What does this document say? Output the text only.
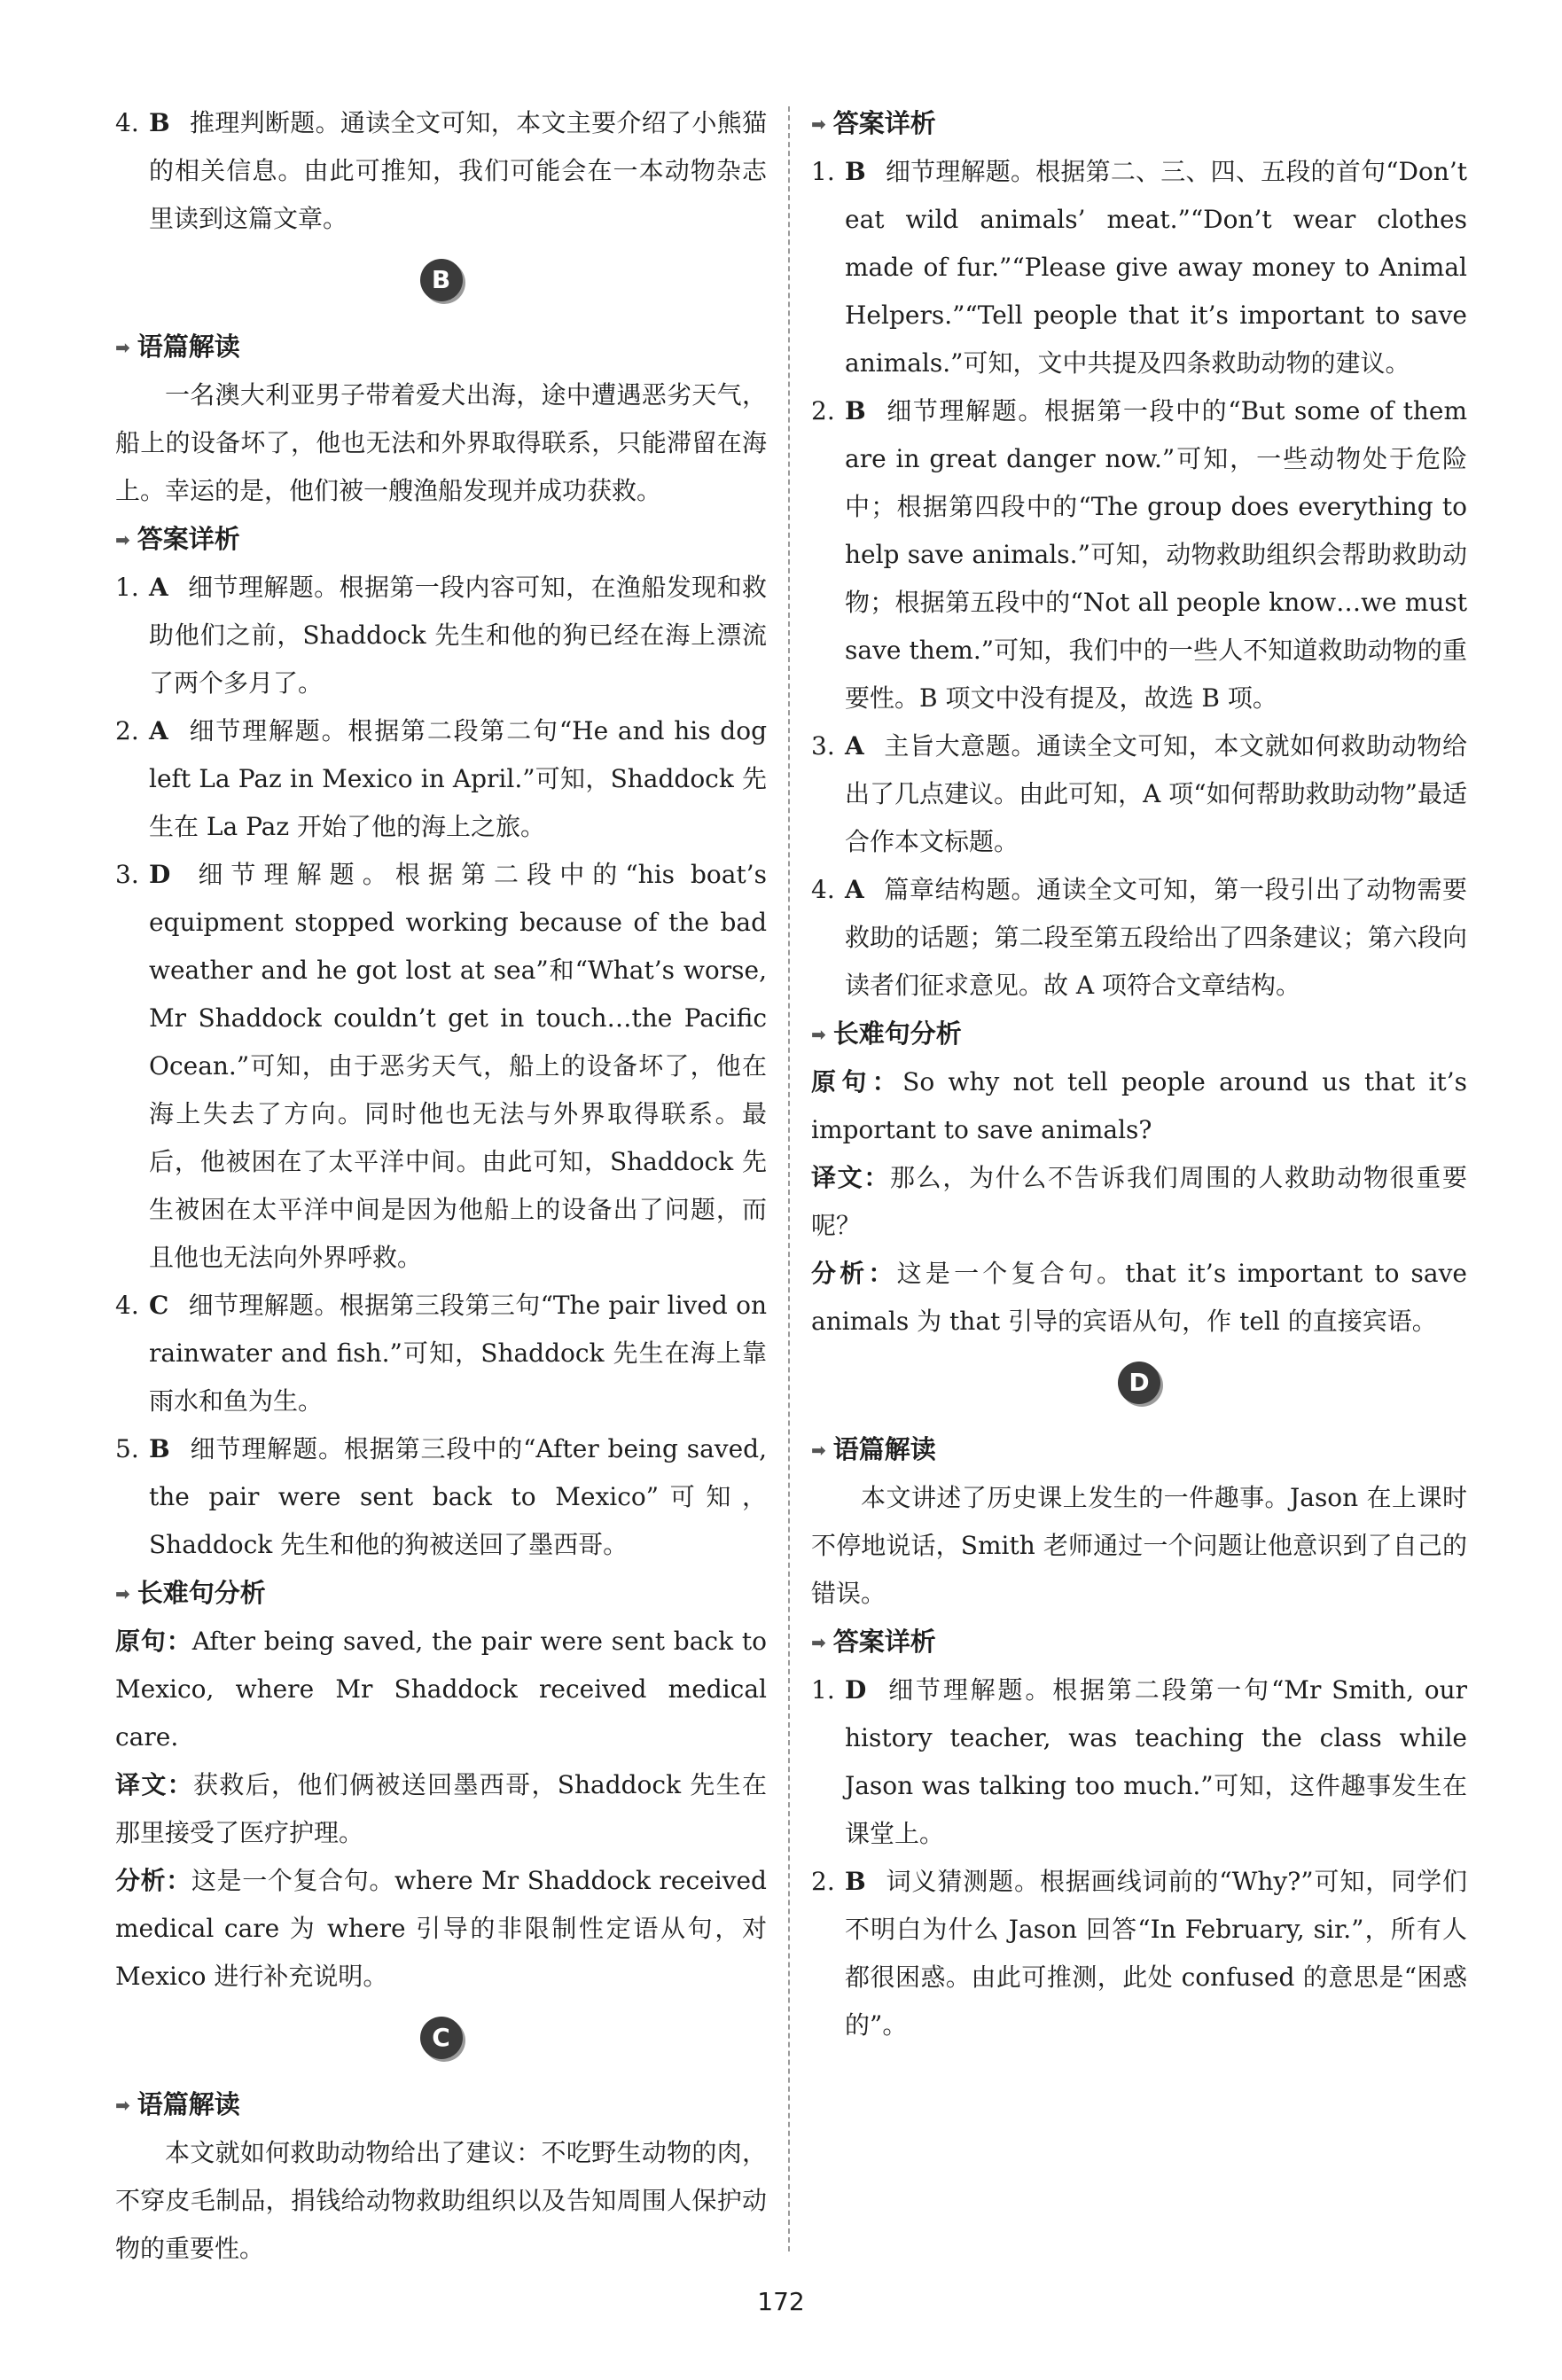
4. B 推理判断题。通读全文可知，本文主要介绍了小熊猫的相关信息。由此可推知，我们可能会在一本动物杂志里读到这篇文章。
B
➡ 语篇解读

一名澳大利亚男子带着爱犬出海，途中遭遇恶劣天气，船上的设备坏了，他也无法和外界取得联系，只能滞留在海上。幸运的是，他们被一艘渔船发现并成功获救。

➡ 答案详析
1. A 细节理解题。根据第一段内容可知，在渔船发现和救助他们之前，Shaddock 先生和他的狗已经在海上漂流了两个多月了。
2. A 细节理解题。根据第二段第二句“He and his dog left La Paz in Mexico in April.”可知，Shaddock 先生在 La Paz 开始了他的海上之旅。
3. D 细节理解题。根据第二段中的“his boat’s equipment stopped working because of the bad weather and he got lost at sea”和“What’s worse, Mr Shaddock couldn’t get in touch…the Pacific Ocean.”可知，由于恶劣天气，船上的设备坏了，他在海上失去了方向。同时他也无法与外界取得联系。最后，他被困在了太平洋中间。由此可知，Shaddock 先生被困在太平洋中间是因为他船上的设备出了问题，而且他也无法向外界呼救。
4. C 细节理解题。根据第三段第三句“The pair lived on rainwater and fish.”可知，Shaddock 先生在海上靠雨水和鱼为生。
5. B 细节理解题。根据第三段中的“After being saved, the pair were sent back to Mexico”可知，Shaddock 先生和他的狗被送回了墨西哥。
➡ 长难句分析

原句：After being saved, the pair were sent back to Mexico, where Mr Shaddock received medical care.

译文：获救后，他们俩被送回墨西哥，Shaddock 先生在那里接受了医疗护理。

分析：这是一个复合句。where Mr Shaddock received medical care 为 where 引导的非限制性定语从句，对 Mexico 进行补充说明。

C
➡ 语篇解读

本文就如何救助动物给出了建议：不吃野生动物的肉，不穿皮毛制品，捐钱给动物救助组织以及告知周围人保护动物的重要性。

➡ 答案详析
1. B 细节理解题。根据第二、三、四、五段的首句“Don’t eat wild animals’ meat.”“Don’t wear clothes made of fur.”“Please give away money to Animal Helpers.”“Tell people that it’s important to save animals.”可知，文中共提及四条救助动物的建议。
2. B 细节理解题。根据第一段中的“But some of them are in great danger now.”可知，一些动物处于危险中；根据第四段中的“The group does everything to help save animals.”可知，动物救助组织会帮助救助动物；根据第五段中的“Not all people know…we must save them.”可知，我们中的一些人不知道救助动物的重要性。B 项文中没有提及，故选 B 项。
3. A 主旨大意题。通读全文可知，本文就如何救助动物给出了几点建议。由此可知，A 项“如何帮助救助动物”最适合作本文标题。
4. A 篇章结构题。通读全文可知，第一段引出了动物需要救助的话题；第二段至第五段给出了四条建议；第六段向读者们征求意见。故 A 项符合文章结构。
➡ 长难句分析

原句：So why not tell people around us that it’s important to save animals?

译文：那么，为什么不告诉我们周围的人救助动物很重要呢？

分析：这是一个复合句。that it’s important to save animals 为 that 引导的宾语从句，作 tell 的直接宾语。

D
➡ 语篇解读

本文讲述了历史课上发生的一件趣事。Jason 在上课时不停地说话，Smith 老师通过一个问题让他意识到了自己的错误。

➡ 答案详析
1. D 细节理解题。根据第二段第一句“Mr Smith, our history teacher, was teaching the class while Jason was talking too much.”可知，这件趣事发生在课堂上。
2. B 词义猜测题。根据画线词前的“Why?”可知，同学们不明白为什么 Jason 回答“In February, sir.”，所有人都很困惑。由此可推测，此处 confused 的意思是“困惑的”。
172
